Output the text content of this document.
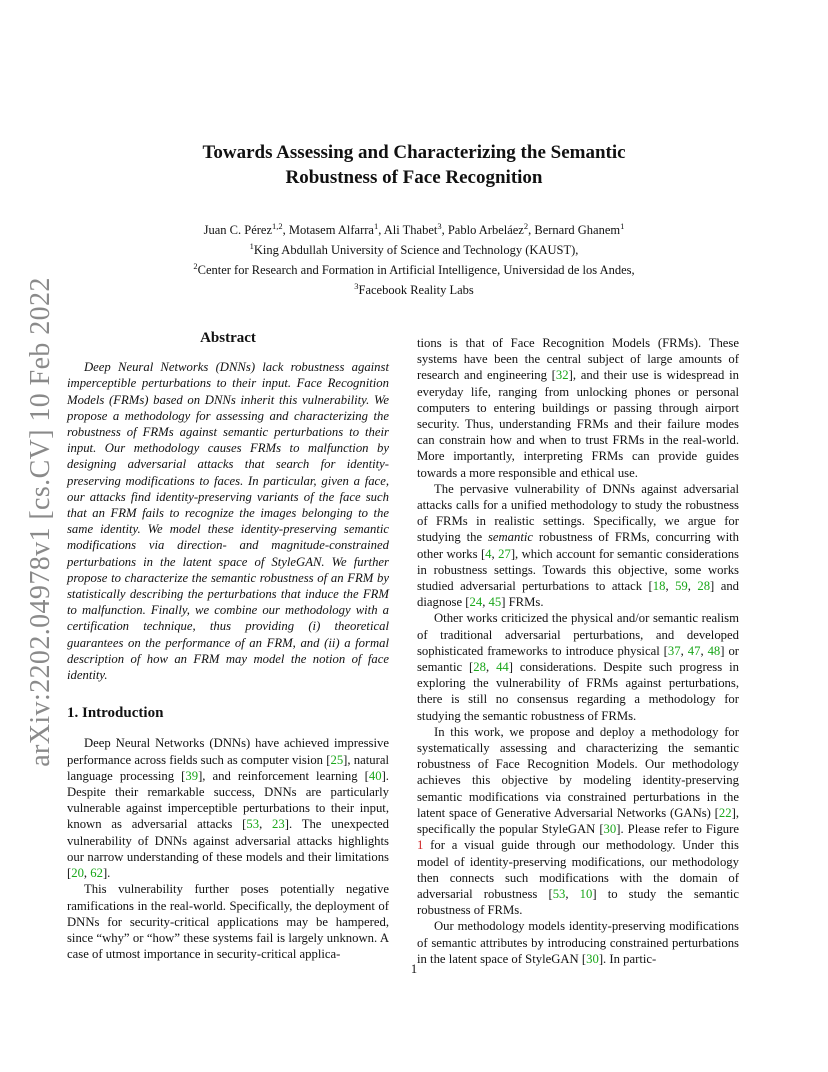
arXiv:2202.04978v1 [cs.CV] 10 Feb 2022
Towards Assessing and Characterizing the Semantic
Robustness of Face Recognition
Juan C. Pérez$^{1,2}$, Motasem Alfarra$^1$, Ali Thabet$^3$, Pablo Arbeláez$^2$, Bernard Ghanem$^1$
$^1$King Abdullah University of Science and Technology (KAUST),
$^2$Center for Research and Formation in Artificial Intelligence, Universidad de los Andes,
$^3$Facebook Reality Labs
Abstract

Deep Neural Networks (DNNs) lack robustness against imperceptible perturbations to their input. Face Recognition Models (FRMs) based on DNNs inherit this vulnerability. We propose a methodology for assessing and characterizing the robustness of FRMs against semantic perturbations to their input. Our methodology causes FRMs to malfunction by designing adversarial attacks that search for identity-preserving modifications to faces. In particular, given a face, our attacks find identity-preserving variants of the face such that an FRM fails to recognize the images belonging to the same identity. We model these identity-preserving semantic modifications via direction- and magnitude-constrained perturbations in the latent space of StyleGAN. We further propose to characterize the semantic robustness of an FRM by statistically describing the perturbations that induce the FRM to malfunction. Finally, we combine our methodology with a certification technique, thus providing (i) theoretical guarantees on the performance of an FRM, and (ii) a formal description of how an FRM may model the notion of face identity.

1. Introduction

Deep Neural Networks (DNNs) have achieved impressive performance across fields such as computer vision [25], natural language processing [39], and reinforcement learning [40]. Despite their remarkable success, DNNs are particularly vulnerable against imperceptible perturbations to their input, known as adversarial attacks [53, 23]. The unexpected vulnerability of DNNs against adversarial attacks highlights our narrow understanding of these models and their limitations [20, 62].

This vulnerability further poses potentially negative ramifications in the real-world. Specifically, the deployment of DNNs for security-critical applications may be hampered, since “why” or “how” these systems fail is largely unknown. A case of utmost importance in security-critical applica-

tions is that of Face Recognition Models (FRMs). These systems have been the central subject of large amounts of research and engineering [32], and their use is widespread in everyday life, ranging from unlocking phones or personal computers to entering buildings or passing through airport security. Thus, understanding FRMs and their failure modes can constrain how and when to trust FRMs in the real-world. More importantly, interpreting FRMs can provide guides towards a more responsible and ethical use.

The pervasive vulnerability of DNNs against adversarial attacks calls for a unified methodology to study the robustness of FRMs in realistic settings. Specifically, we argue for studying the semantic robustness of FRMs, concurring with other works [4, 27], which account for semantic considerations in robustness settings. Towards this objective, some works studied adversarial perturbations to attack [18, 59, 28] and diagnose [24, 45] FRMs.

Other works criticized the physical and/or semantic realism of traditional adversarial perturbations, and developed sophisticated frameworks to introduce physical [37, 47, 48] or semantic [28, 44] considerations. Despite such progress in exploring the vulnerability of FRMs against perturbations, there is still no consensus regarding a methodology for studying the semantic robustness of FRMs.

In this work, we propose and deploy a methodology for systematically assessing and characterizing the semantic robustness of Face Recognition Models. Our methodology achieves this objective by modeling identity-preserving semantic modifications via constrained perturbations in the latent space of Generative Adversarial Networks (GANs) [22], specifically the popular StyleGAN [30]. Please refer to Figure 1 for a visual guide through our methodology. Under this model of identity-preserving modifications, our methodology then connects such modifications with the domain of adversarial robustness [53, 10] to study the semantic robustness of FRMs.

Our methodology models identity-preserving modifications of semantic attributes by introducing constrained perturbations in the latent space of StyleGAN [30]. In partic-

1
